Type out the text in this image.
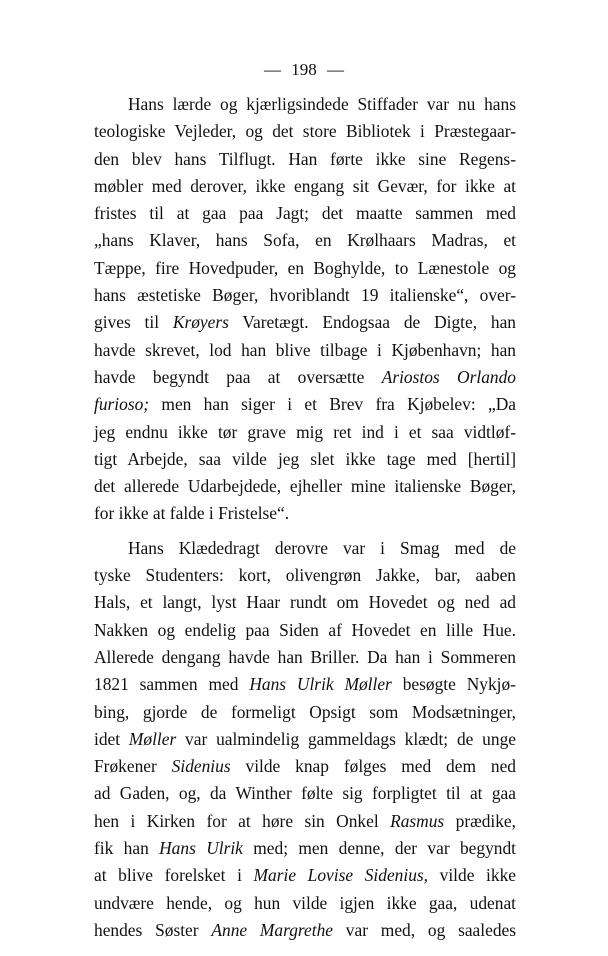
— 198 —

Hans lærde og kjærligsindede Stiffader var nu hans
teologiske Vejleder, og det store Bibliotek i Præstegaar-
den blev hans Tilflugt. Han førte ikke sine Regens-
møbler med derover, ikke engang sit Gevær, for ikke at
fristes til at gaa paa Jagt; det maatte sammen med
„hans Klaver, hans Sofa, en Krølhaars Madras, et
Tæppe, fire Hovedpuder, en Boghylde, to Lænestole og
hans æstetiske Bøger, hvoriblandt 19 italienske“, over-
gives til Krøyers Varetægt. Endogsaa de Digte, han
havde skrevet, lod han blive tilbage i Kjøbenhavn; han
havde begyndt paa at oversætte Ariostos Orlando
furioso; men han siger i et Brev fra Kjøbelev: „Da
jeg endnu ikke tør grave mig ret ind i et saa vidtløf-
tigt Arbejde, saa vilde jeg slet ikke tage med [hertil]
det allerede Udarbejdede, ejheller mine italienske Bøger,
for ikke at falde i Fristelse“.

Hans Klædedragt derovre var i Smag med de
tyske Studenters: kort, olivengrøn Jakke, bar, aaben
Hals, et langt, lyst Haar rundt om Hovedet og ned ad
Nakken og endelig paa Siden af Hovedet en lille Hue.
Allerede dengang havde han Briller. Da han i Sommeren
1821 sammen med Hans Ulrik Møller besøgte Nykjø-
bing, gjorde de formeligt Opsigt som Modsætninger,
idet Møller var ualmindelig gammeldags klædt; de unge
Frøkener Sidenius vilde knap følges med dem ned
ad Gaden, og, da Winther følte sig forpligtet til at gaa
hen i Kirken for at høre sin Onkel Rasmus prædike,
fik han Hans Ulrik med; men denne, der var begyndt
at blive forelsket i Marie Lovise Sidenius, vilde ikke
undvære hende, og hun vilde igjen ikke gaa, udenat
hendes Søster Anne Margrethe var med, og saaledes
